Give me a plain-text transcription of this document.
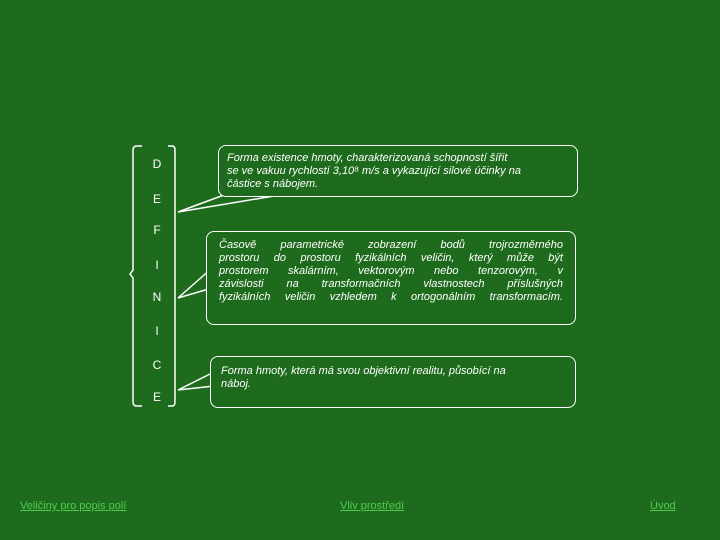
D
E
F
I
N
I
C
E
Forma existence hmoty, charakterizovaná schopností šířit
se ve vakuu rychlostí 3,10⁸ m/s a vykazující silové účinky na
částice s nábojem.
Časově parametrické zobrazení bodů trojrozměrného
prostoru do prostoru fyzikálních veličin, který může být
prostorem skalárním, vektorovým nebo tenzorovým, v
závislosti na transformačních vlastnostech příslušných
fyzikálních veličin vzhledem k ortogonálním transformacím.
Forma hmoty, která má svou objektivní realitu, působící na
náboj.
Veličiny pro popis polí	Vliv prostředí	Úvod
